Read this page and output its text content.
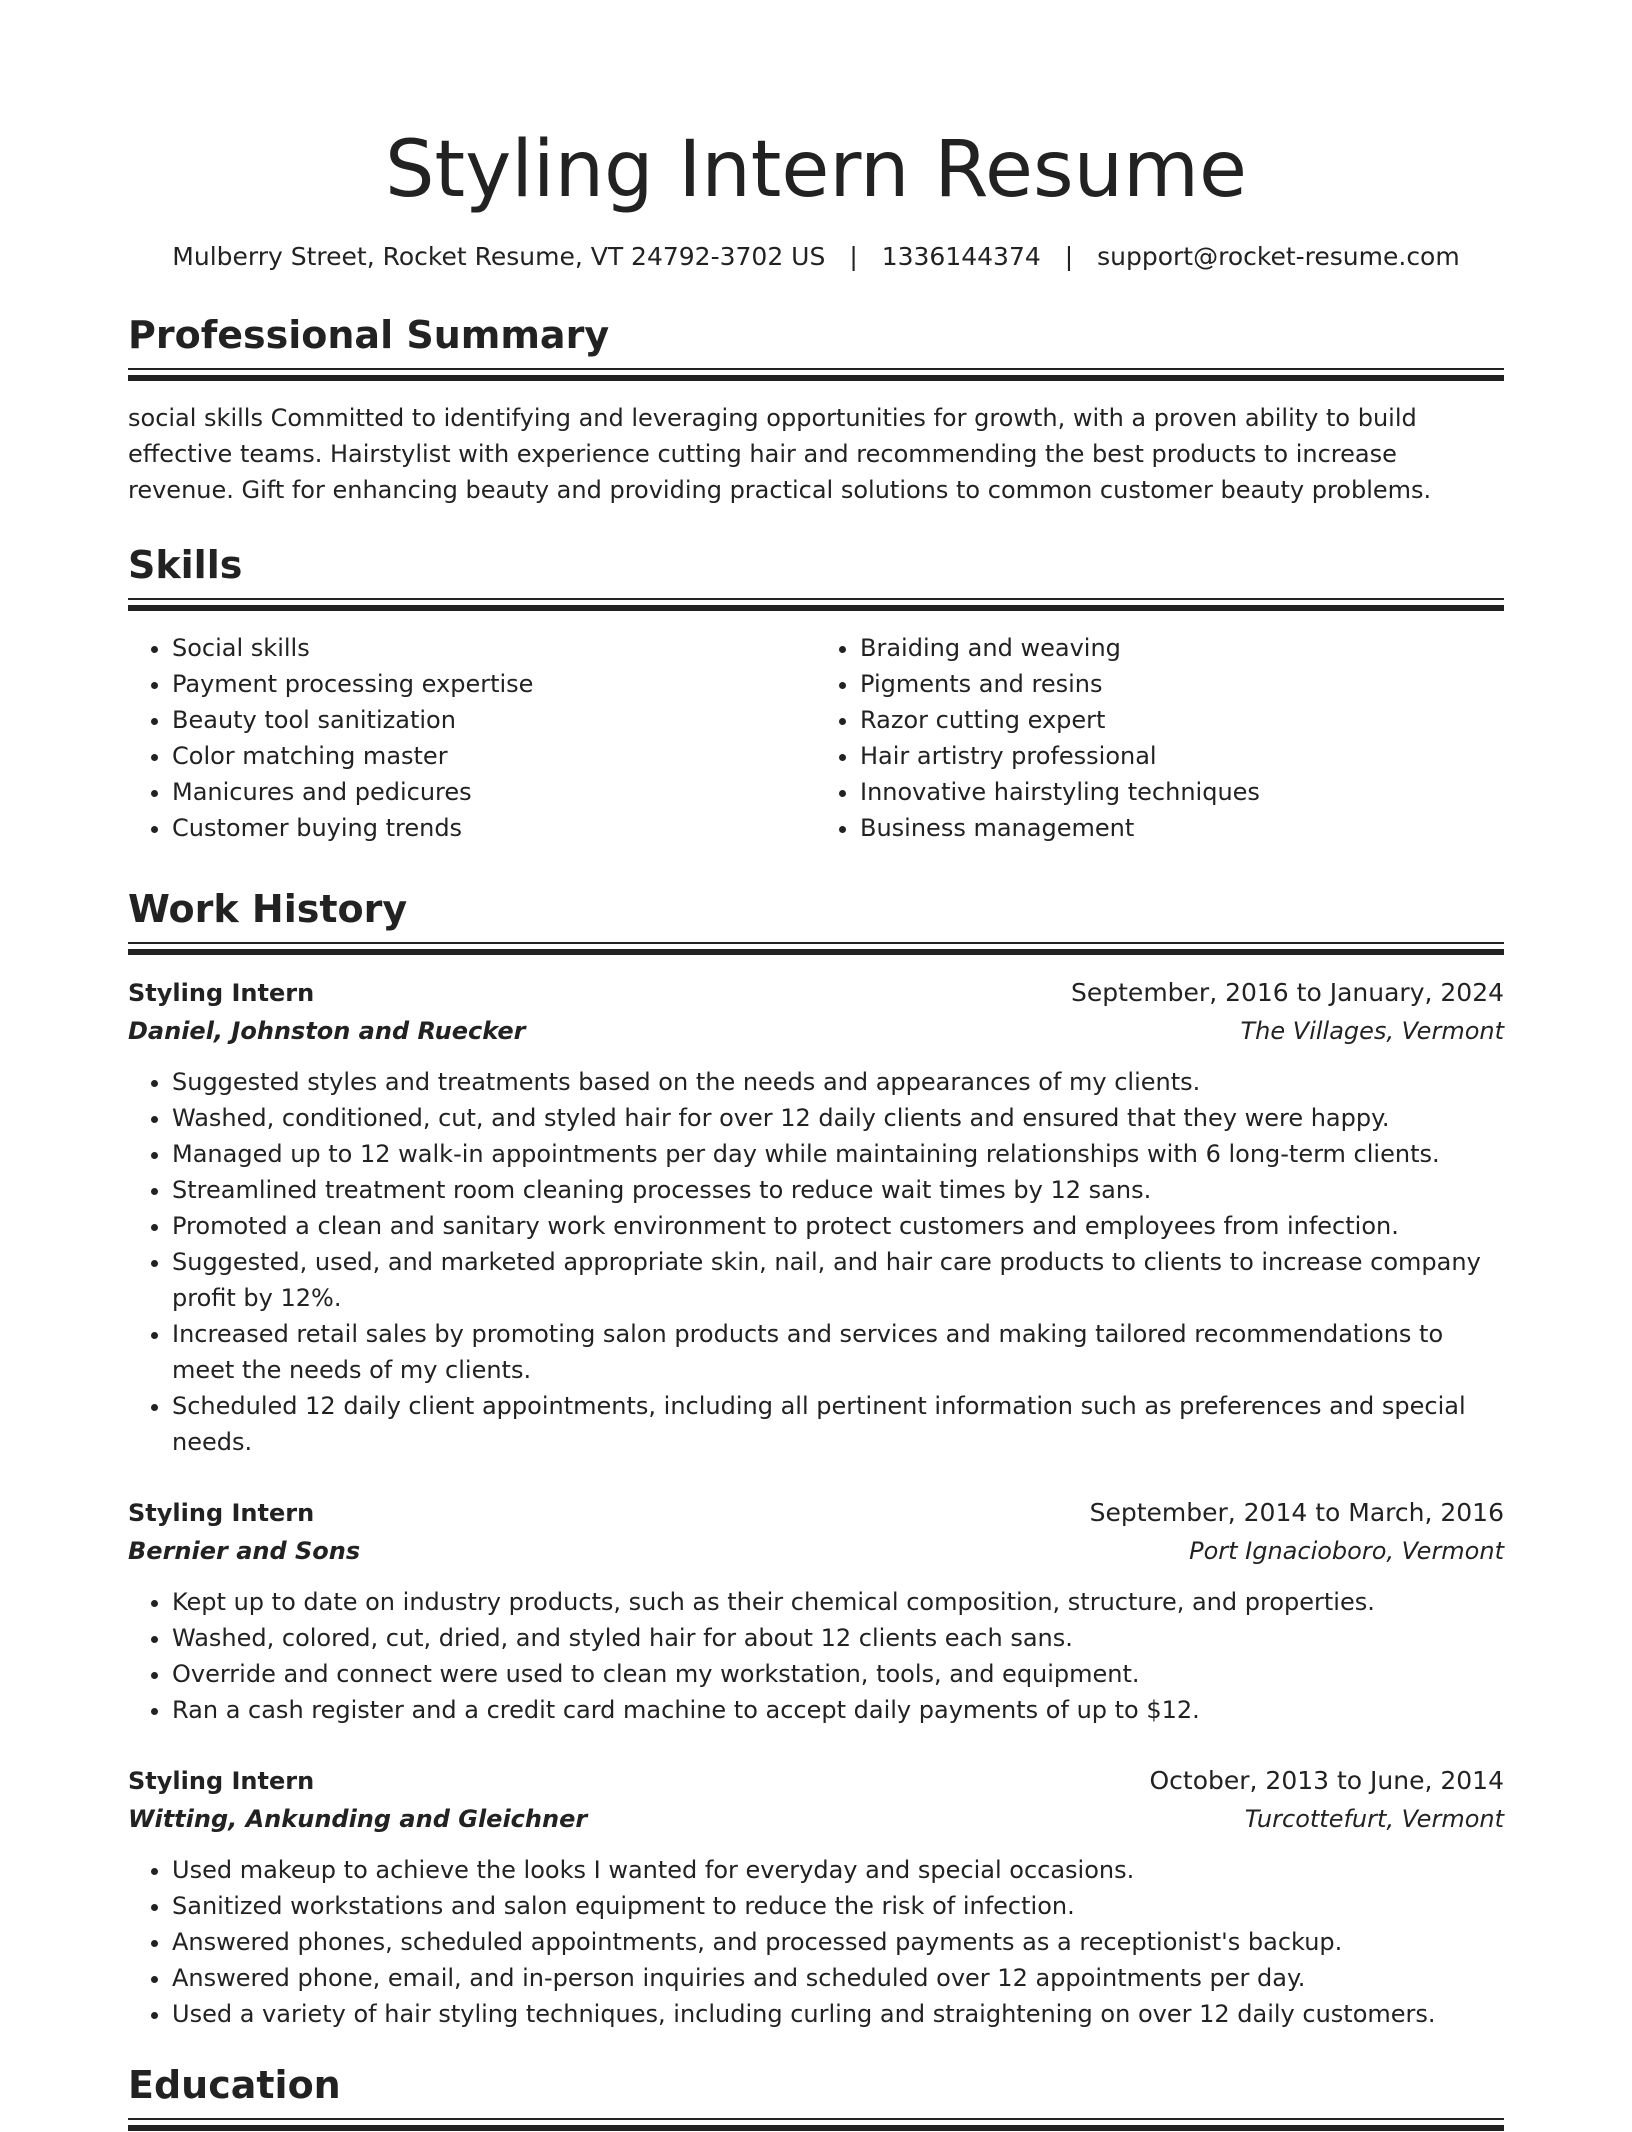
Styling Intern Resume
Mulberry Street, Rocket Resume, VT 24792-3702 US | 1336144374 | support@rocket-resume.com
Professional Summary

social skills Committed to identifying and leveraging opportunities for growth, with a proven ability to build effective teams. Hairstylist with experience cutting hair and recommending the best products to increase revenue. Gift for enhancing beauty and providing practical solutions to common customer beauty problems.

Skills
• Social skills
• Payment processing expertise
• Beauty tool sanitization
• Color matching master
• Manicures and pedicures
• Customer buying trends
• Braiding and weaving
• Pigments and resins
• Razor cutting expert
• Hair artistry professional
• Innovative hairstyling techniques
• Business management
Work History
Styling Intern	September, 2016 to January, 2024
Daniel, Johnston and Ruecker	The Villages, Vermont
• Suggested styles and treatments based on the needs and appearances of my clients.
• Washed, conditioned, cut, and styled hair for over 12 daily clients and ensured that they were happy.
• Managed up to 12 walk-in appointments per day while maintaining relationships with 6 long-term clients.
• Streamlined treatment room cleaning processes to reduce wait times by 12 sans.
• Promoted a clean and sanitary work environment to protect customers and employees from infection.
• Suggested, used, and marketed appropriate skin, nail, and hair care products to clients to increase company profit by 12%.
• Increased retail sales by promoting salon products and services and making tailored recommendations to meet the needs of my clients.
• Scheduled 12 daily client appointments, including all pertinent information such as preferences and special needs.
Styling Intern	September, 2014 to March, 2016
Bernier and Sons	Port Ignacioboro, Vermont
• Kept up to date on industry products, such as their chemical composition, structure, and properties.
• Washed, colored, cut, dried, and styled hair for about 12 clients each sans.
• Override and connect were used to clean my workstation, tools, and equipment.
• Ran a cash register and a credit card machine to accept daily payments of up to $12.
Styling Intern	October, 2013 to June, 2014
Witting, Ankunding and Gleichner	Turcottefurt, Vermont
• Used makeup to achieve the looks I wanted for everyday and special occasions.
• Sanitized workstations and salon equipment to reduce the risk of infection.
• Answered phones, scheduled appointments, and processed payments as a receptionist's backup.
• Answered phone, email, and in-person inquiries and scheduled over 12 appointments per day.
• Used a variety of hair styling techniques, including curling and straightening on over 12 daily customers.
Education
